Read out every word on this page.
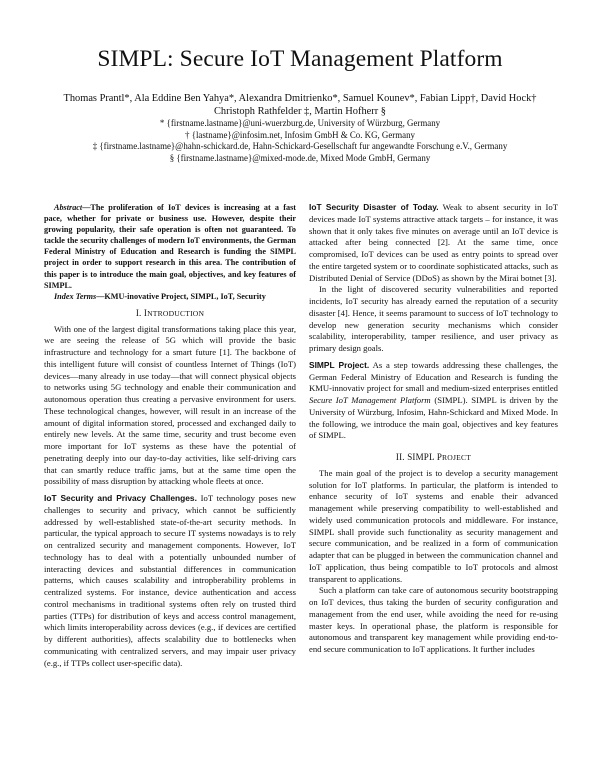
SIMPL: Secure IoT Management Platform
Thomas Prantl*, Ala Eddine Ben Yahya*, Alexandra Dmitrienko*, Samuel Kounev*, Fabian Lipp†, David Hock†
Christoph Rathfelder ‡, Martin Hofherr §
* {firstname.lastname}@uni-wuerzburg.de, University of Würzburg, Germany
† {lastname}@infosim.net, Infosim GmbH & Co. KG, Germany
‡ {firstname.lastname}@hahn-schickard.de, Hahn-Schickard-Gesellschaft fur angewandte Forschung e.V., Germany
§ {firstname.lastname}@mixed-mode.de, Mixed Mode GmbH, Germany

Abstract—The proliferation of IoT devices is increasing at a fast pace, whether for private or business use. However, despite their growing popularity, their safe operation is often not guaranteed. To tackle the security challenges of modern IoT environments, the German Federal Ministry of Education and Research is funding the SIMPL project in order to support research in this area. The contribution of this paper is to introduce the main goal, objectives, and key features of SIMPL.

Index Terms—KMU-inovative Project, SIMPL, IoT, Security

I. INTRODUCTION

With one of the largest digital transformations taking place this year, we are seeing the release of 5G which will provide the basic infrastructure and technology for a smart future [1]. The backbone of this intelligent future will consist of countless Internet of Things (IoT) devices—many already in use today—that will connect physical objects to networks using 5G technology and enable their communication and autonomous operation thus creating a pervasive environment for users. These technological changes, however, will result in an increase of the amount of digital information stored, processed and exchanged daily to entirely new levels. At the same time, security and trust become even more important for IoT systems as these have the potential of penetrating deeply into our day-to-day activities, like self-driving cars that can smartly reduce traffic jams, but at the same time open the possibility of mass disruption by attacking whole fleets at once.

IoT Security and Privacy Challenges. IoT technology poses new challenges to security and privacy, which cannot be sufficiently addressed by well-established state-of-the-art security methods. In particular, the typical approach to secure IT systems nowadays is to rely on centralized security and management components. However, IoT technology has to deal with a potentially unbounded number of interacting devices and substantial differences in communication patterns, which causes scalability and intropberability problems in centralized systems. For instance, device authentication and access control mechanisms in traditional systems often rely on trusted third parties (TTPs) for distribution of keys and access control management, which limits interoperability across devices (e.g., if devices are certified by different authorities), affects scalability due to bottlenecks when communicating with centralized servers, and may impair user privacy (e.g., if TTPs collect user-specific data).

IoT Security Disaster of Today. Weak to absent security in IoT devices made IoT systems attractive attack targets – for instance, it was shown that it only takes five minutes on average until an IoT device is attacked after being connected [2]. At the same time, once compromised, IoT devices can be used as entry points to spread over the entire targeted system or to coordinate sophisticated attacks, such as Distributed Denial of Service (DDoS) as shown by the Mirai botnet [3].

In the light of discovered security vulnerabilities and reported incidents, IoT security has already earned the reputation of a security disaster [4]. Hence, it seems paramount to success of IoT technology to develop new generation security mechanisms which consider scalability, interoperability, tamper resilience, and user privacy as primary design goals.

SIMPL Project. As a step towards addressing these challenges, the German Federal Ministry of Education and Research is funding the KMU-innovativ project for small and medium-sized enterprises entitled Secure IoT Management Platform (SIMPL). SIMPL is driven by the University of Würzburg, Infosim, Hahn-Schickard and Mixed Mode. In the following, we introduce the main goal, objectives and key features of SIMPL.

II. SIMPL PROJECT

The main goal of the project is to develop a security management solution for IoT platforms. In particular, the platform is intended to enhance security of IoT systems and enable their advanced management while preserving compatibility to well-established and widely used communication protocols and middleware. For instance, SIMPL shall provide such functionality as security management and secure communication, and be realized in a form of communication adapter that can be plugged in between the communication channel and IoT application, thus being compatible to IoT protocols and almost transparent to applications.

Such a platform can take care of autonomous security bootstrapping on IoT devices, thus taking the burden of security configuration and management from the end user, while avoiding the need for re-using master keys. In operational phase, the platform is responsible for autonomous and transparent key management while providing end-to-end secure communication to IoT applications. It further includes
